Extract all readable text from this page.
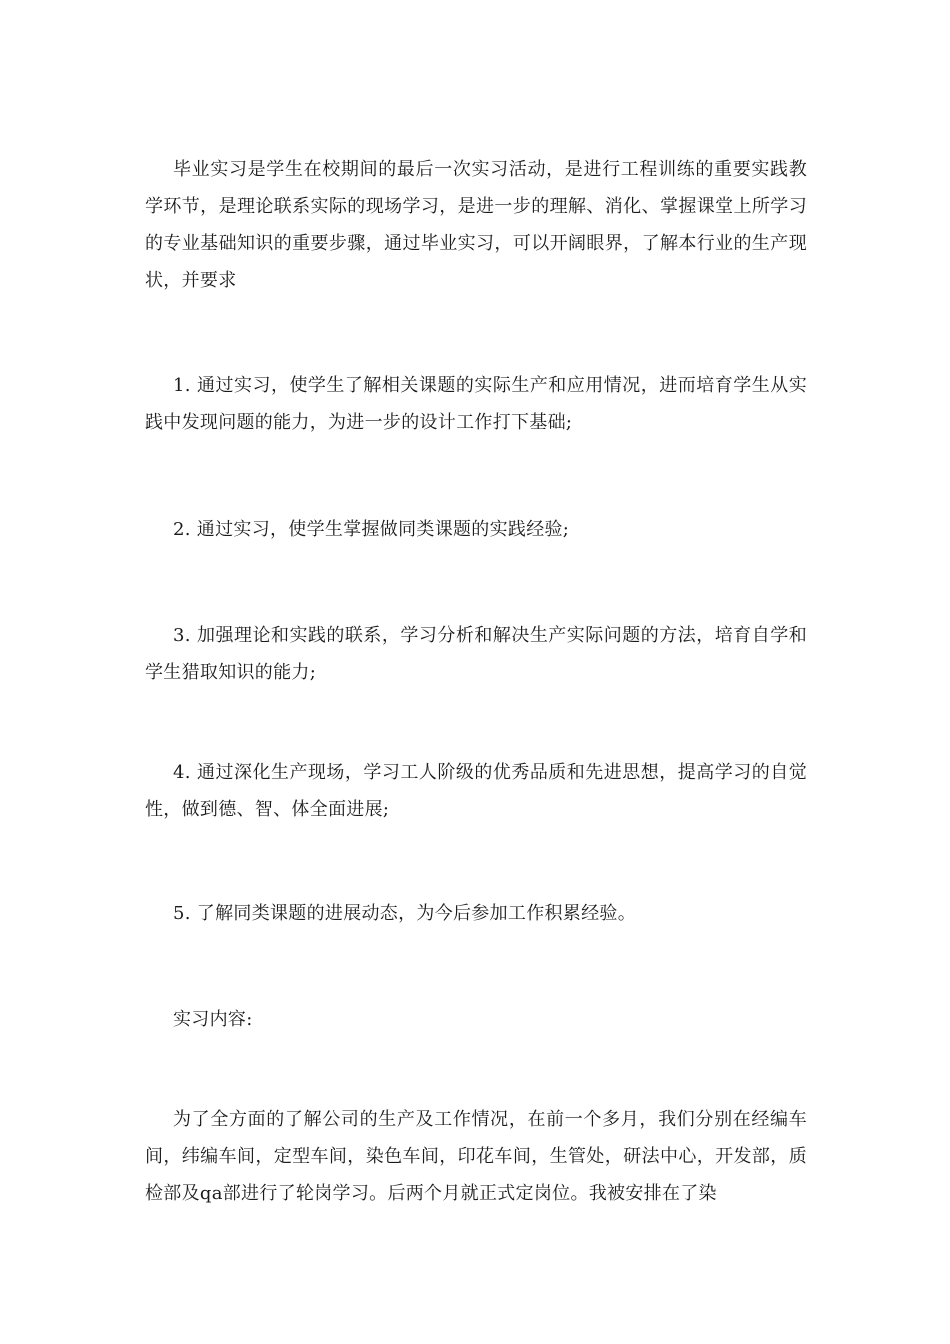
毕业实习是学生在校期间的最后一次实习活动，是进行工程训练的重要实践教学环节，是理论联系实际的现场学习，是进一步的理解、消化、掌握课堂上所学习的专业基础知识的重要步骤，通过毕业实习，可以开阔眼界，了解本行业的生产现状，并要求

1. 通过实习，使学生了解相关课题的实际生产和应用情况，进而培育学生从实践中发现问题的能力，为进一步的设计工作打下基础;

2. 通过实习，使学生掌握做同类课题的实践经验;

3. 加强理论和实践的联系，学习分析和解决生产实际问题的方法，培育自学和学生猎取知识的能力;

4. 通过深化生产现场，学习工人阶级的优秀品质和先进思想，提高学习的自觉性，做到德、智、体全面进展;

5. 了解同类课题的进展动态，为今后参加工作积累经验。

实习内容:

为了全方面的了解公司的生产及工作情况，在前一个多月，我们分别在经编车间，纬编车间，定型车间，染色车间，印花车间，生管处，研法中心，开发部，质检部及qa部进行了轮岗学习。后两个月就正式定岗位。我被安排在了染
